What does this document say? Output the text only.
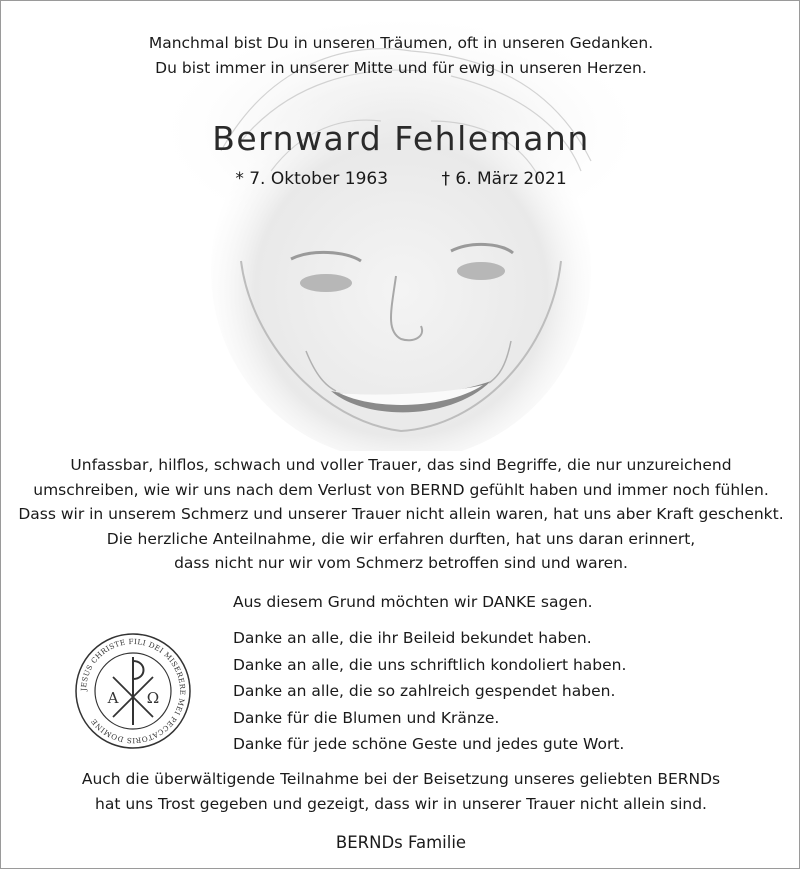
Manchmal bist Du in unseren Träumen, oft in unseren Gedanken.
Du bist immer in unserer Mitte und für ewig in unseren Herzen.
Bernward Fehlemann
* 7. Oktober 1963	† 6. März 2021
Unfassbar, hilflos, schwach und voller Trauer, das sind Begriffe, die nur unzureichend
umschreiben, wie wir uns nach dem Verlust von BERND gefühlt haben und immer noch fühlen.
Dass wir in unserem Schmerz und unserer Trauer nicht allein waren, hat uns aber Kraft geschenkt.
Die herzliche Anteilnahme, die wir erfahren durften, hat uns daran erinnert,
dass nicht nur wir vom Schmerz betroffen sind und waren.
Aus diesem Grund möchten wir DANKE sagen.
Danke an alle, die ihr Beileid bekundet haben.
Danke an alle, die uns schriftlich kondoliert haben.
Danke an alle, die so zahlreich gespendet haben.
Danke für die Blumen und Kränze.
Danke für jede schöne Geste und jedes gute Wort.
JESUS CHRISTE FILI DEI MISERERE MEI PECCATORIS DOMINE
A Ω
Auch die überwältigende Teilnahme bei der Beisetzung unseres geliebten BERNDs
hat uns Trost gegeben und gezeigt, dass wir in unserer Trauer nicht allein sind.
BERNDs Familie
